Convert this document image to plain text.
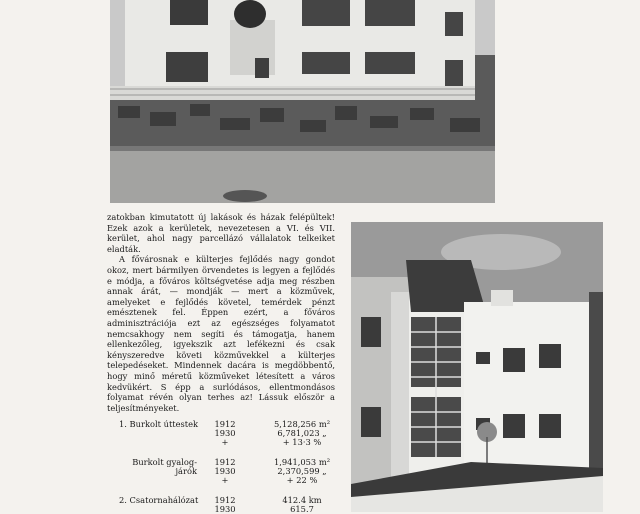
zatokban kimutatott új lakások és házak felépültek! Ezek azok a kerületek, nevezetesen a VI. és VII. kerület, ahol nagy parcellázó vállalatok telkeiket eladták.

A fővárosnak e külterjes fejlődés nagy gondot okoz, mert bármilyen örvendetes is legyen a fejlődés e módja, a főváros költségvetése adja meg részben annak árát, — mondják — mert a közművek, amelyeket e fejlődés követel, temérdek pénzt emésztenek fel. Éppen ezért, a főváros adminisztrációja ezt az egészséges folyamatot nemcsakhogy nem segíti és támogatja, hanem ellenkezőleg, igyekszik azt lefékezni és csak kényszeredve követi közművekkel a külterjes telepedéseket. Mindennek dacára is megdöbbentő, hogy minő méretű közműveket létesített a város kedvükért. S épp a surlódásos, ellentmondásos folyamat révén olyan terhes az! Lássuk először a teljesítményeket.

1. Burkolt úttestek	1912
1930
+
5,128,256 m²
6,781,023 „
+ 13·3 %
Burkolt gyalog-
járók
1912
1930
+
1,941,053 m²
2,370,599 „
+ 22 %
2. Csatornahálózat	1912
1930
412.4 km
615.7
